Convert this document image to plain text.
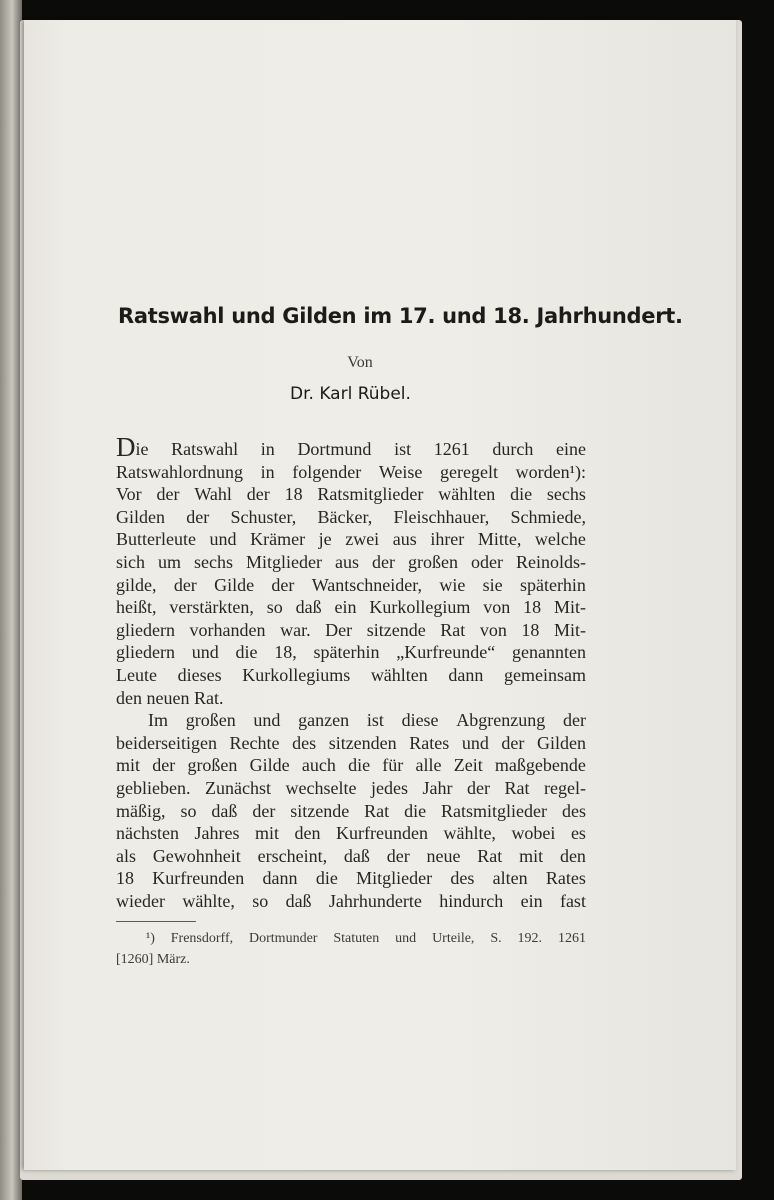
Ratswahl und Gilden im 17. und 18. Jahrhundert.
Von
Dr. Karl Rübel.
D ie Ratswahl in Dortmund ist 1261 durch eine
Ratswahlordnung in folgender Weise geregelt worden¹):
Vor der Wahl der 18 Ratsmitglieder wählten die sechs
Gilden der Schuster, Bäcker, Fleischhauer, Schmiede,
Butterleute und Krämer je zwei aus ihrer Mitte, welche
sich um sechs Mitglieder aus der großen oder Reinolds-
gilde, der Gilde der Wantschneider, wie sie späterhin
heißt, verstärkten, so daß ein Kurkollegium von 18 Mit-
gliedern vorhanden war. Der sitzende Rat von 18 Mit-
gliedern und die 18, späterhin „Kurfreunde“ genannten
Leute dieses Kurkollegiums wählten dann gemeinsam
den neuen Rat.
Im großen und ganzen ist diese Abgrenzung der
beiderseitigen Rechte des sitzenden Rates und der Gilden
mit der großen Gilde auch die für alle Zeit maßgebende
geblieben. Zunächst wechselte jedes Jahr der Rat regel-
mäßig, so daß der sitzende Rat die Ratsmitglieder des
nächsten Jahres mit den Kurfreunden wählte, wobei es
als Gewohnheit erscheint, daß der neue Rat mit den
18 Kurfreunden dann die Mitglieder des alten Rates
wieder wählte, so daß Jahrhunderte hindurch ein fast
¹) Frensdorff, Dortmunder Statuten und Urteile, S. 192. 1261
[1260] März.
